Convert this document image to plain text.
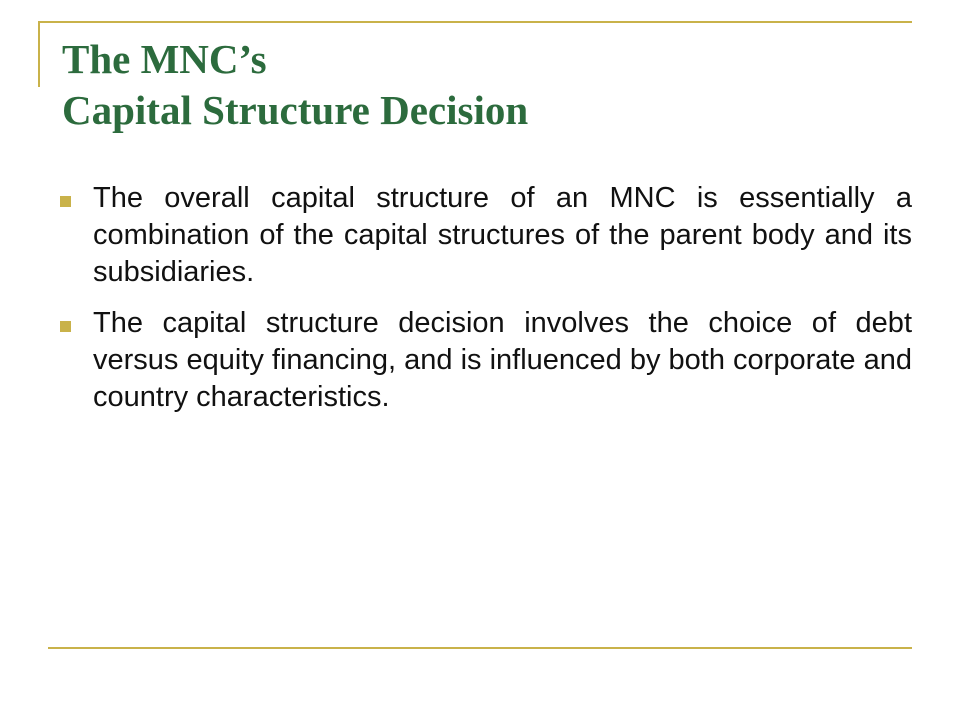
The MNC’s
Capital Structure Decision
The overall capital structure of an MNC is essentially a combination of the capital structures of the parent body and its subsidiaries.
The capital structure decision involves the choice of debt versus equity financing, and is influenced by both corporate and country characteristics.
